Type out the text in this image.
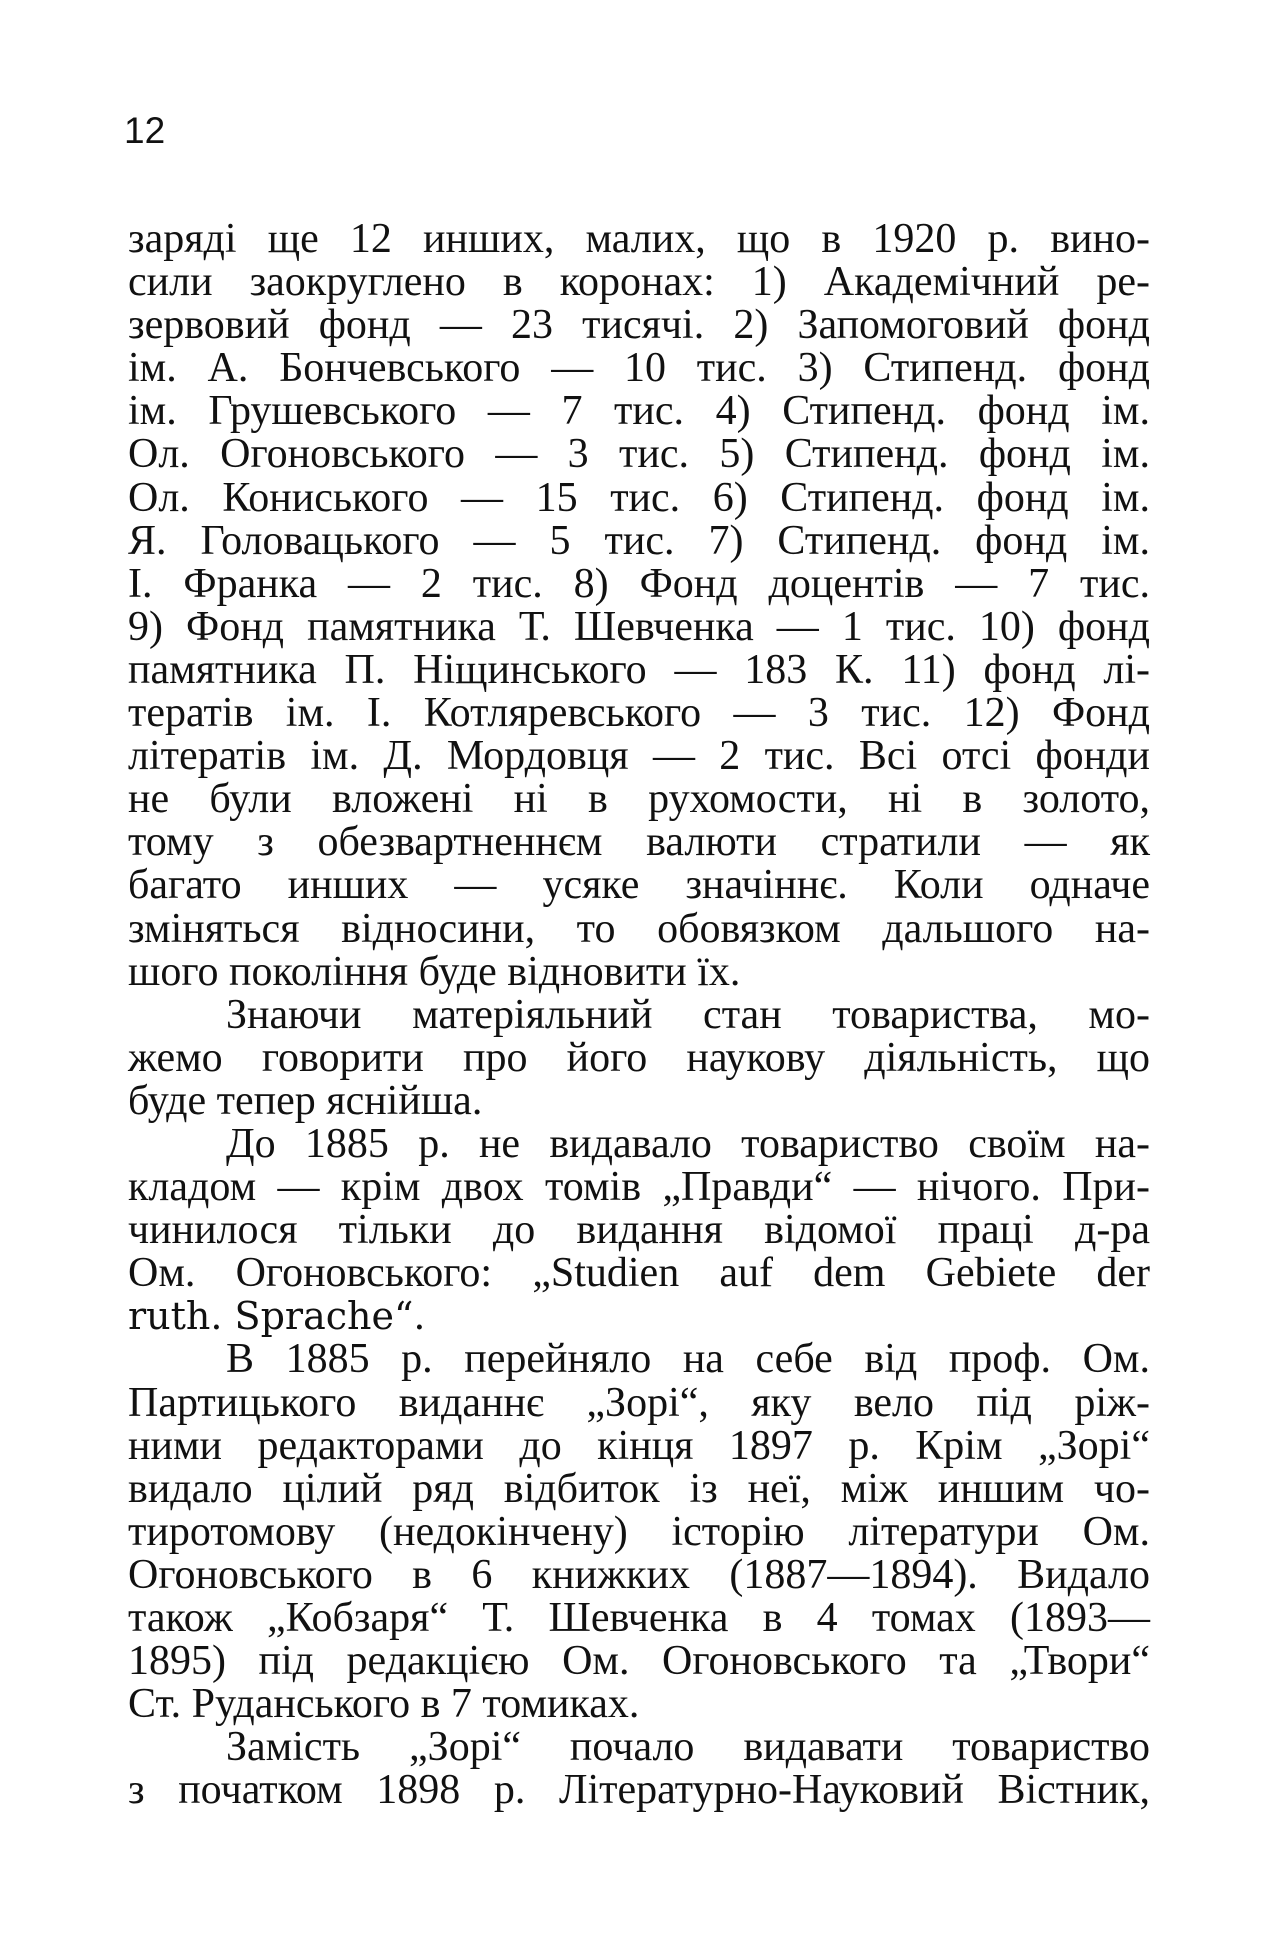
12
заряді ще 12 инших, малих, що в 1920 р. вино-
сили заокруглено в коронах: 1) Академічний ре-
зервовий фонд — 23 тисячі. 2) Запомоговий фонд
ім. А. Бончевського — 10 тис. 3) Стипенд. фонд
ім. Грушевського — 7 тис. 4) Стипенд. фонд ім.
Ол. Огоновського — 3 тис. 5) Стипенд. фонд ім.
Ол. Кониського — 15 тис. 6) Стипенд. фонд ім.
Я. Головацького — 5 тис. 7) Стипенд. фонд ім.
І. Франка — 2 тис. 8) Фонд доцентів — 7 тис.
9) Фонд памятника Т. Шевченка — 1 тис. 10) фонд
памятника П. Ніщинського — 183 К. 11) фонд лі-
тератів ім. І. Котляревського — 3 тис. 12) Фонд
літератів ім. Д. Мордовця — 2 тис. Всі отсі фонди
не були вложені ні в рухомости, ні в золото,
тому з обезвартненнєм валюти стратили — як
багато инших — усяке значіннє. Коли одначе
зміняться відносини, то обовязком дальшого на-
шого покоління буде відновити їх.
Знаючи матеріяльний стан товариства, мо-
жемо говорити про його наукову діяльність, що
буде тепер яснійша.
До 1885 р. не видавало товариство своїм на-
кладом — крім двох томів „Правди“ — нічого. При-
чинилося тільки до видання відомої праці д-ра
Ом. Огоновського: „Studien auf dem Gebiete der
ruth. Sprache“.
В 1885 р. перейняло на себе від проф. Ом.
Партицького виданнє „Зорі“, яку вело під ріж-
ними редакторами до кінця 1897 р. Крім „Зорі“
видало цілий ряд відбиток із неї, між иншим чо-
тиротомову (недокінчену) історію літератури Ом.
Огоновського в 6 книжких (1887—1894). Видало
також „Кобзаря“ Т. Шевченка в 4 томах (1893—
1895) під редакцією Ом. Огоновського та „Твори“
Ст. Руданського в 7 томиках.
Замість „Зорі“ почало видавати товариство
з початком 1898 р. Літературно-Науковий Вістник,
